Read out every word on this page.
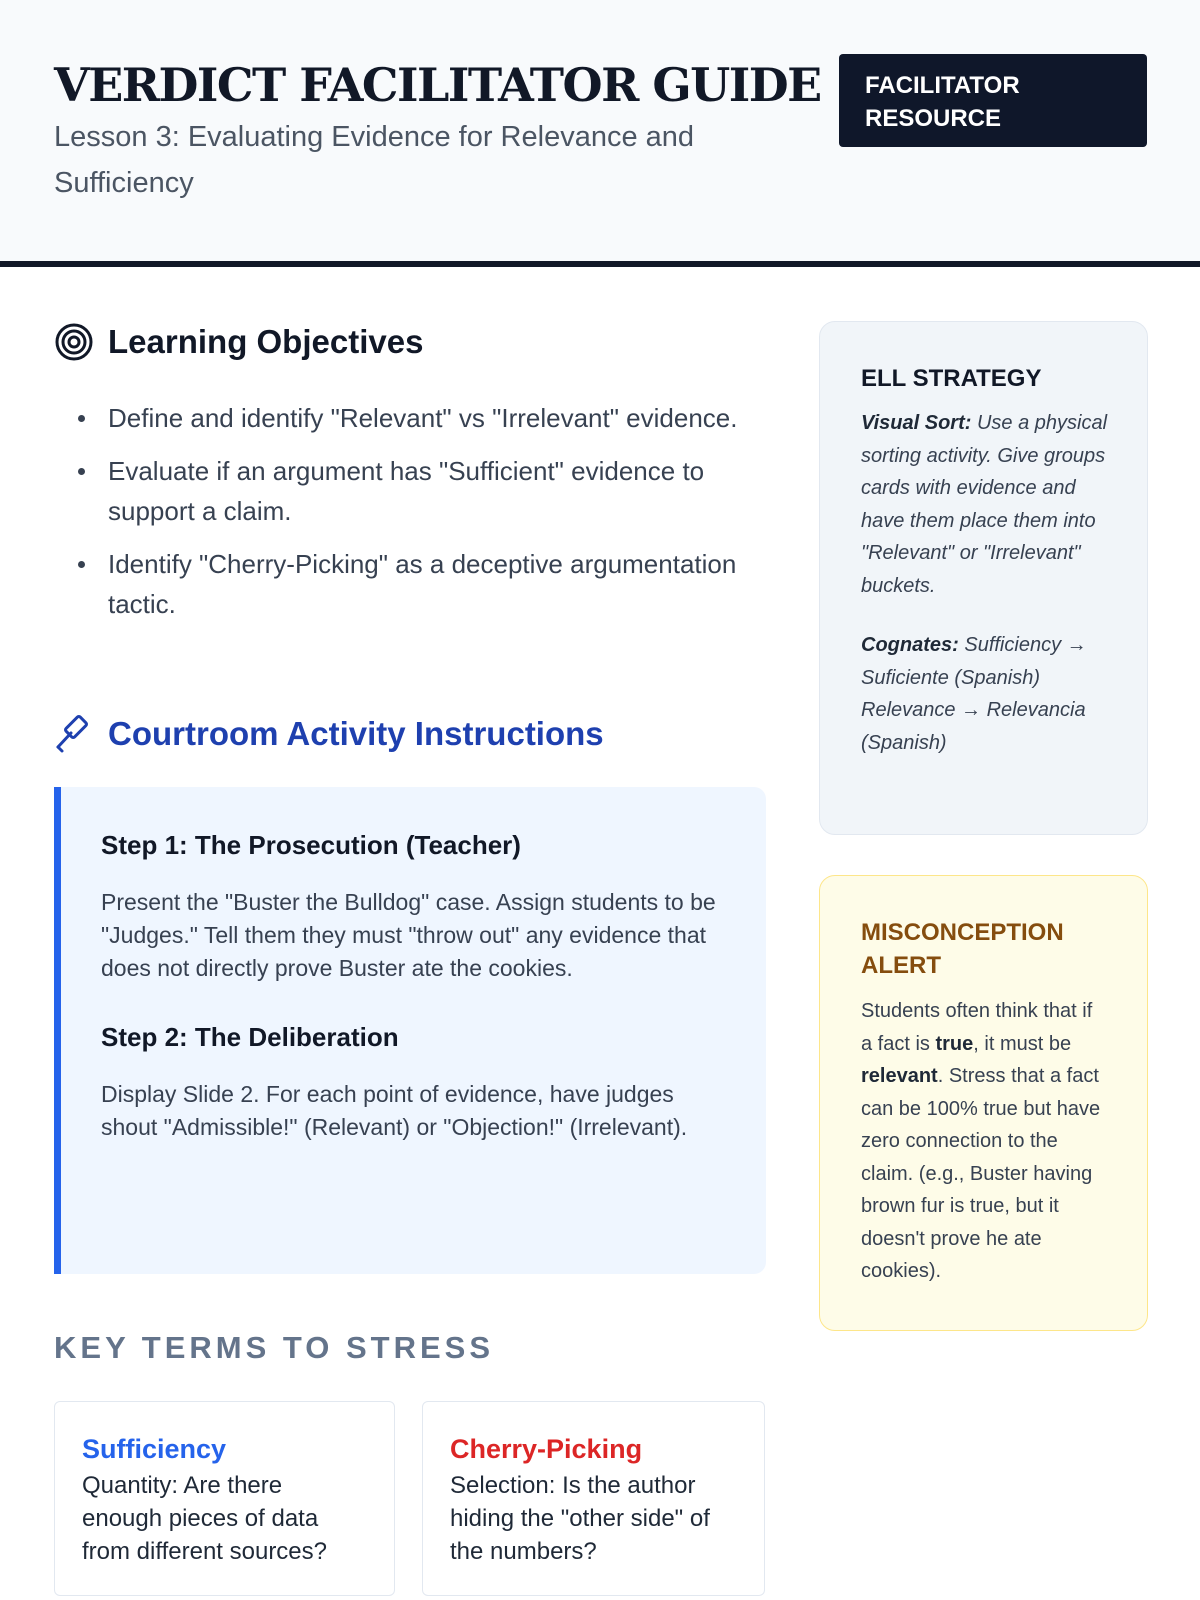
VERDICT FACILITATOR GUIDE
Lesson 3: Evaluating Evidence for Relevance and Sufficiency
FACILITATOR RESOURCE
Learning Objectives
Define and identify "Relevant" vs "Irrelevant" evidence.
Evaluate if an argument has "Sufficient" evidence to support a claim.
Identify "Cherry-Picking" as a deceptive argumentation tactic.
Courtroom Activity Instructions
Step 1: The Prosecution (Teacher)
Present the "Buster the Bulldog" case. Assign students to be "Judges." Tell them they must "throw out" any evidence that does not directly prove Buster ate the cookies.
Step 2: The Deliberation
Display Slide 2. For each point of evidence, have judges shout "Admissible!" (Relevant) or "Objection!" (Irrelevant).
KEY TERMS TO STRESS
Sufficiency
Quantity: Are there enough pieces of data from different sources?
Cherry-Picking
Selection: Is the author hiding the "other side" of the numbers?
ELL STRATEGY
Visual Sort: Use a physical sorting activity. Give groups cards with evidence and have them place them into "Relevant" or "Irrelevant" buckets.
Cognates: Sufficiency → Suficiente (Spanish)
Relevance → Relevancia (Spanish)
MISCONCEPTION ALERT
Students often think that if a fact is true, it must be relevant. Stress that a fact can be 100% true but have zero connection to the claim. (e.g., Buster having brown fur is true, but it doesn't prove he ate cookies).
